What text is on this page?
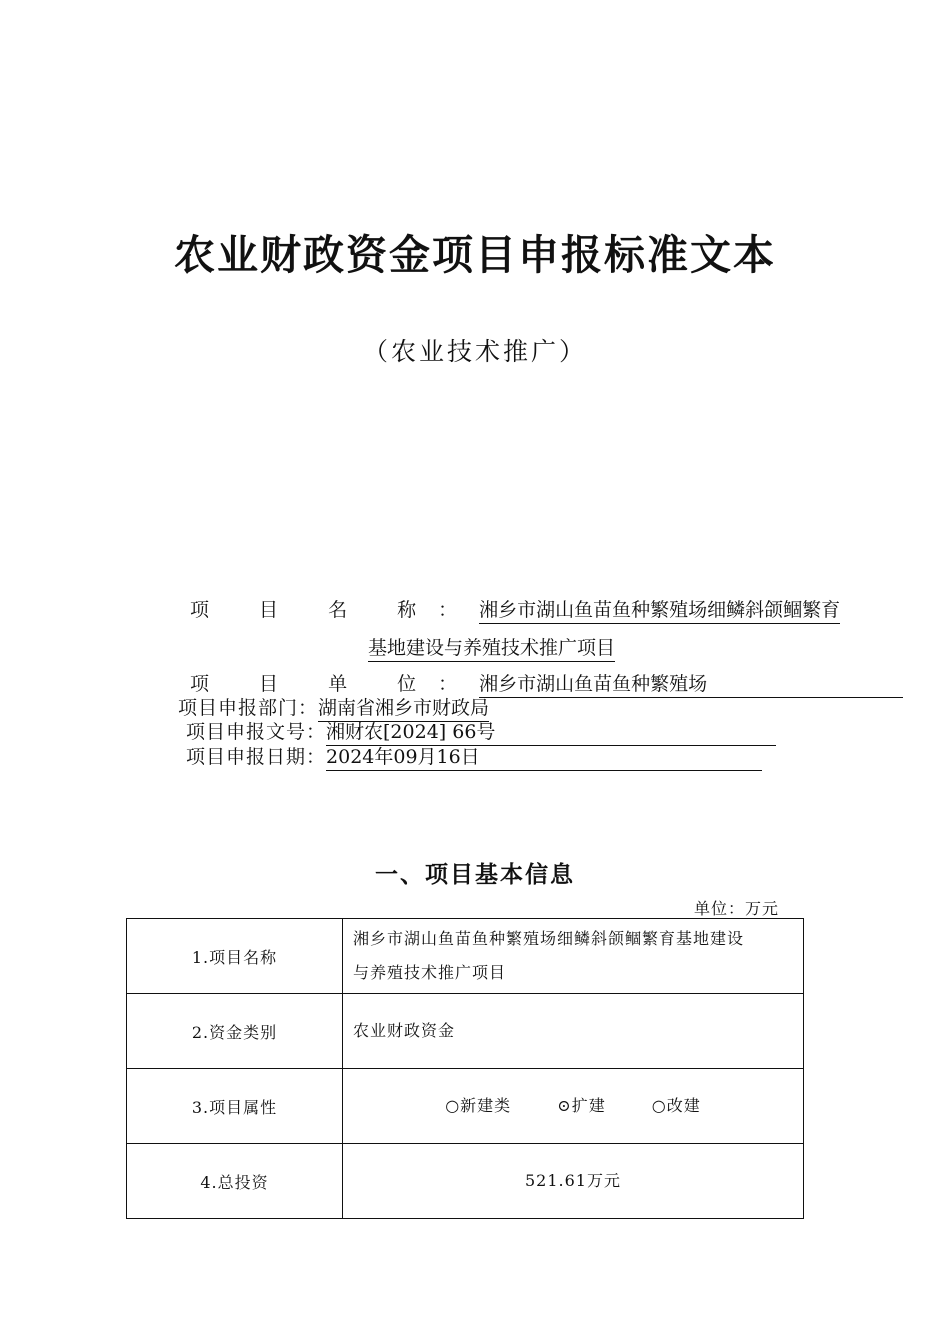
农业财政资金项目申报标准文本
（农业技术推广）
项 目 名 称：湘乡市湖山鱼苗鱼种繁殖场细鳞斜颌鲴繁育
基地建设与养殖技术推广项目
项 目 单 位：湘乡市湖山鱼苗鱼种繁殖场
项目申报部门：湖南省湘乡市财政局
项目申报文号：湘财农[2024] 66号
项目申报日期：2024年09月16日
一、项目基本信息
单位：万元
1.项目名称	湘乡市湖山鱼苗鱼种繁殖场细鳞斜颌鲴繁育基地建设
与养殖技术推广项目

2.资金类别	农业财政资金
3.项目属性	○新建类 ⊙扩建 ○改建
4.总投资	521.61万元
